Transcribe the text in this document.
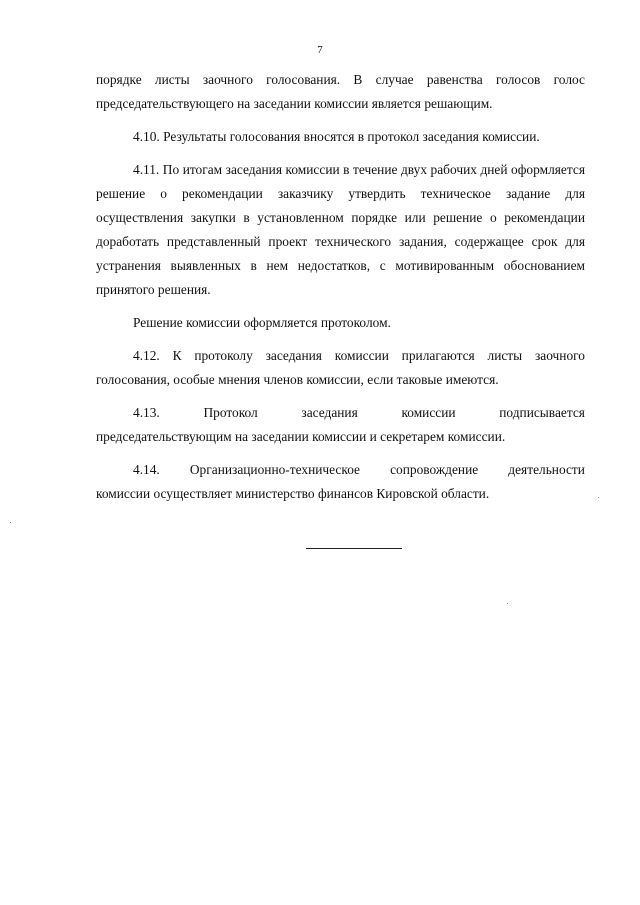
7

порядке листы заочного голосования. В случае равенства голосов голос председательствующего на заседании комиссии является решающим.

4.10. Результаты голосования вносятся в протокол заседания комиссии.

4.11. По итогам заседания комиссии в течение двух рабочих дней оформляется решение о рекомендации заказчику утвердить техническое задание для осуществления закупки в установленном порядке или решение о рекомендации доработать представленный проект технического задания, содержащее срок для устранения выявленных в нем недостатков, с мотивированным обоснованием принятого решения.

Решение комиссии оформляется протоколом.

4.12. К протоколу заседания комиссии прилагаются листы заочного голосования, особые мнения членов комиссии, если таковые имеются.

4.13.	Протокол	заседания	комиссии	подписывается

председательствующим на заседании комиссии и секретарем комиссии.

4.14. Организационно-техническое сопровождение деятельности

комиссии осуществляет министерство финансов Кировской области.
